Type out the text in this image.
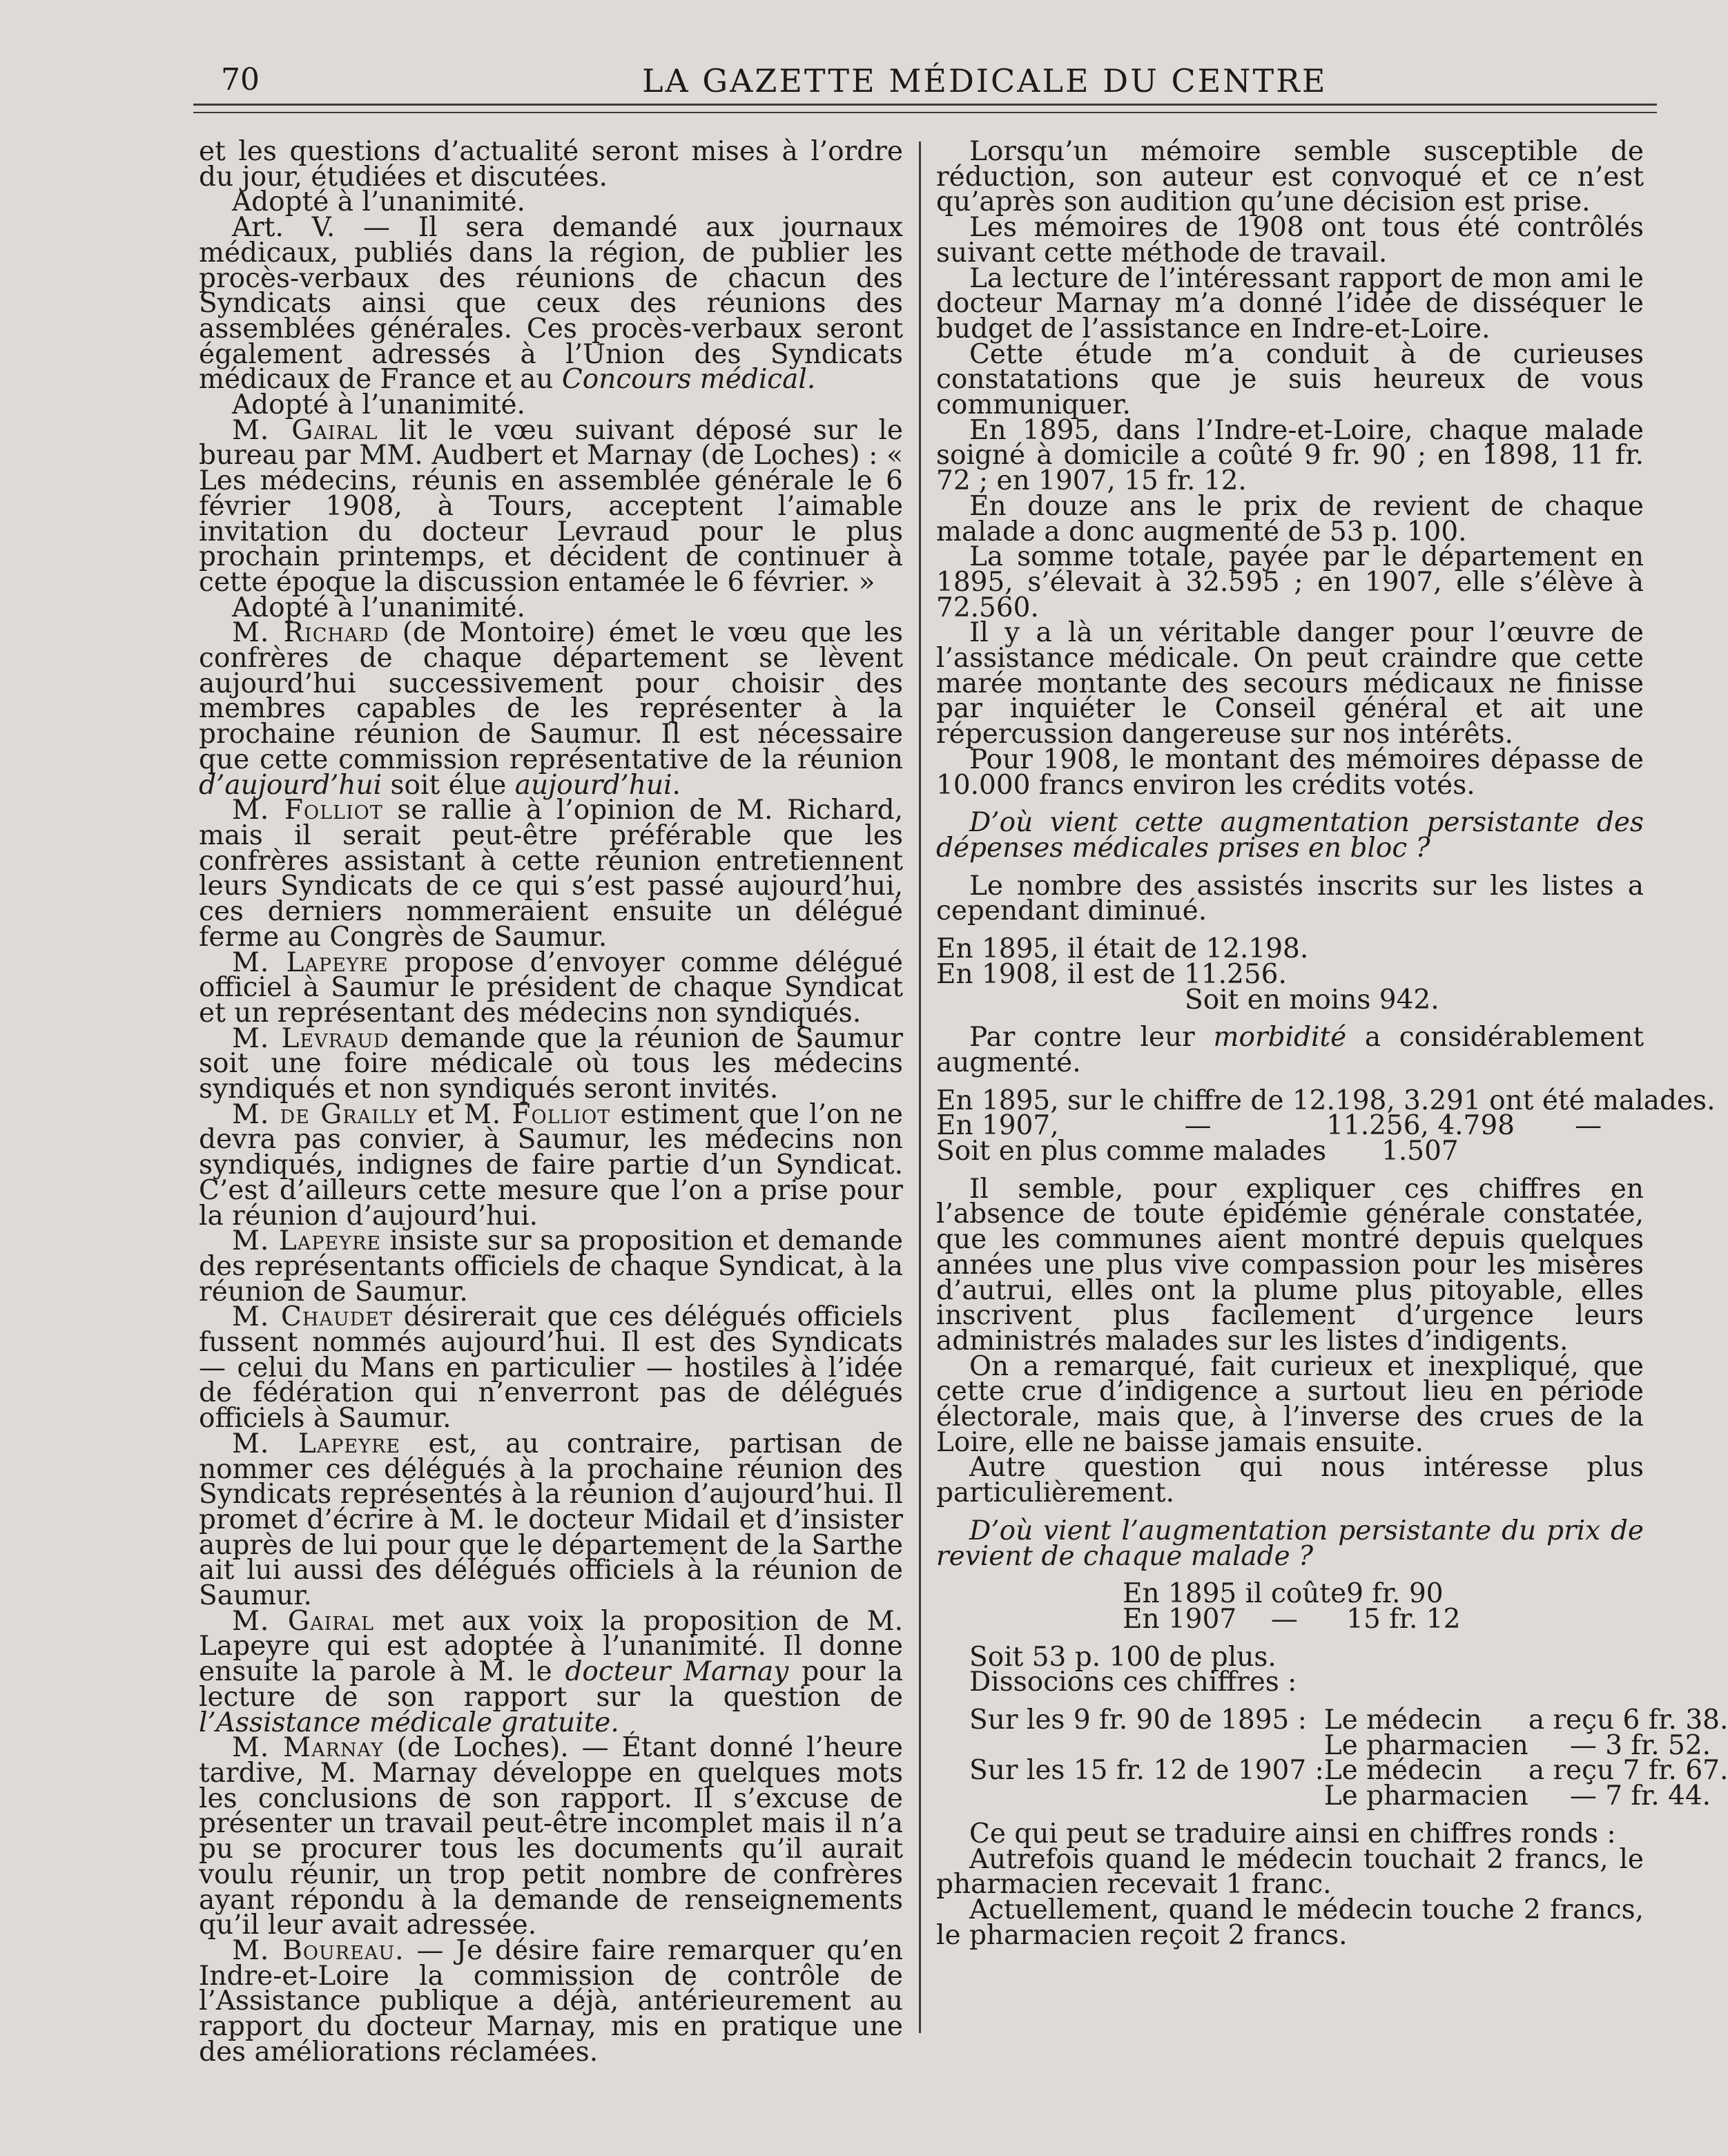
70	LA GAZETTE MÉDICALE DU CENTRE

et les questions d’actualité seront mises à l’ordre du jour, étudiées et discutées.

Adopté à l’unanimité.

Art. V. — Il sera demandé aux journaux médicaux, publiés dans la région, de publier les procès-verbaux des réunions de chacun des Syndicats ainsi que ceux des réunions des assemblées générales. Ces procès-verbaux seront également adressés à l’Union des Syndicats médicaux de France et au Concours médical.

Adopté à l’unanimité.

M. Gairal lit le vœu suivant déposé sur le bureau par MM. Audbert et Marnay (de Loches) : « Les médecins, réunis en assemblée générale le 6 février 1908, à Tours, acceptent l’aimable invitation du docteur Levraud pour le plus prochain printemps, et décident de continuer à cette époque la discussion entamée le 6 février. »

Adopté à l’unanimité.

M. Richard (de Montoire) émet le vœu que les confrères de chaque département se lèvent aujourd’hui successivement pour choisir des membres capables de les représenter à la prochaine réunion de Saumur. Il est nécessaire que cette commission représentative de la réunion d’aujourd’hui soit élue aujourd’hui.

M. Folliot se rallie à l’opinion de M. Richard, mais il serait peut-être préférable que les confrères assistant à cette réunion entretiennent leurs Syndicats de ce qui s’est passé aujourd’hui, ces derniers nommeraient ensuite un délégué ferme au Congrès de Saumur.

M. Lapeyre propose d’envoyer comme délégué officiel à Saumur le président de chaque Syndicat et un représentant des médecins non syndiqués.

M. Levraud demande que la réunion de Saumur soit une foire médicale où tous les médecins syndiqués et non syndiqués seront invités.

M. de Grailly et M. Folliot estiment que l’on ne devra pas convier, à Saumur, les médecins non syndiqués, indignes de faire partie d’un Syndicat. C’est d’ailleurs cette mesure que l’on a prise pour la réunion d’aujourd’hui.

M. Lapeyre insiste sur sa proposition et demande des représentants officiels de chaque Syndicat, à la réunion de Saumur.

M. Chaudet désirerait que ces délégués officiels fussent nommés aujourd’hui. Il est des Syndicats — celui du Mans en particulier — hostiles à l’idée de fédération qui n’enverront pas de délégués officiels à Saumur.

M. Lapeyre est, au contraire, partisan de nommer ces délégués à la prochaine réunion des Syndicats représentés à la réunion d’aujourd’hui. Il promet d’écrire à M. le docteur Midail et d’insister auprès de lui pour que le département de la Sarthe ait lui aussi des délégués officiels à la réunion de Saumur.

M. Gairal met aux voix la proposition de M. Lapeyre qui est adoptée à l’unanimité. Il donne ensuite la parole à M. le docteur Marnay pour la lecture de son rapport sur la question de l’Assistance médicale gratuite.

M. Marnay (de Loches). — Étant donné l’heure tardive, M. Marnay développe en quelques mots les conclusions de son rapport. Il s’excuse de présenter un travail peut-être incomplet mais il n’a pu se procurer tous les documents qu’il aurait voulu réunir, un trop petit nombre de confrères ayant répondu à la demande de renseignements qu’il leur avait adressée.

M. Boureau. — Je désire faire remarquer qu’en Indre-et-Loire la commission de contrôle de l’Assistance publique a déjà, antérieurement au rapport du docteur Marnay, mis en pratique une des améliorations réclamées.

Lorsqu’un mémoire semble susceptible de réduction, son auteur est convoqué et ce n’est qu’après son audition qu’une décision est prise.

Les mémoires de 1908 ont tous été contrôlés suivant cette méthode de travail.

La lecture de l’intéressant rapport de mon ami le docteur Marnay m’a donné l’idée de disséquer le budget de l’assistance en Indre-et-Loire.

Cette étude m’a conduit à de curieuses constatations que je suis heureux de vous communiquer.

En 1895, dans l’Indre-et-Loire, chaque malade soigné à domicile a coûté 9 fr. 90 ; en 1898, 11 fr. 72 ; en 1907, 15 fr. 12.

En douze ans le prix de revient de chaque malade a donc augmenté de 53 p. 100.

La somme totale, payée par le département en 1895, s’élevait à 32.595 ; en 1907, elle s’élève à 72.560.

Il y a là un véritable danger pour l’œuvre de l’assistance médicale. On peut craindre que cette marée montante des secours médicaux ne finisse par inquiéter le Conseil général et ait une répercussion dangereuse sur nos intérêts.

Pour 1908, le montant des mémoires dépasse de 10.000 francs environ les crédits votés.

D’où vient cette augmentation persistante des dépenses médicales prises en bloc ?

Le nombre des assistés inscrits sur les listes a cependant diminué.

En 1895, il était de 12.198.

En 1908, il est de 11.256.

Soit en moins 942.

Par contre leur morbidité a considérablement augmenté.

En 1895, sur le chiffre de 12.198, 3.291 ont été malades.			
En 1907,	—	11.256, 4.798	—
Soit en plus comme malades		1.507	

Il semble, pour expliquer ces chiffres en l’absence de toute épidémie générale constatée, que les communes aient montré depuis quelques années une plus vive compassion pour les misères d’autrui, elles ont la plume plus pitoyable, elles inscrivent plus facilement d’urgence leurs administrés malades sur les listes d’indigents.

On a remarqué, fait curieux et inexpliqué, que cette crue d’indigence a surtout lieu en période électorale, mais que, à l’inverse des crues de la Loire, elle ne baisse jamais ensuite.

Autre question qui nous intéresse plus particulièrement.

D’où vient l’augmentation persistante du prix de revient de chaque malade ?

En 1895 il coûte	9 fr. 90
En 1907 —	15 fr. 12

Soit 53 p. 100 de plus.

Dissocions ces chiffres :

Sur les 9 fr. 90 de 1895 :	Le médecin	a reçu 6 fr. 38.
	Le pharmacien	— 3 fr. 52.
Sur les 15 fr. 12 de 1907 :	Le médecin	a reçu 7 fr. 67.
	Le pharmacien	— 7 fr. 44.

Ce qui peut se traduire ainsi en chiffres ronds :

Autrefois quand le médecin touchait 2 francs, le pharmacien recevait 1 franc.

Actuellement, quand le médecin touche 2 francs, le pharmacien reçoit 2 francs.
